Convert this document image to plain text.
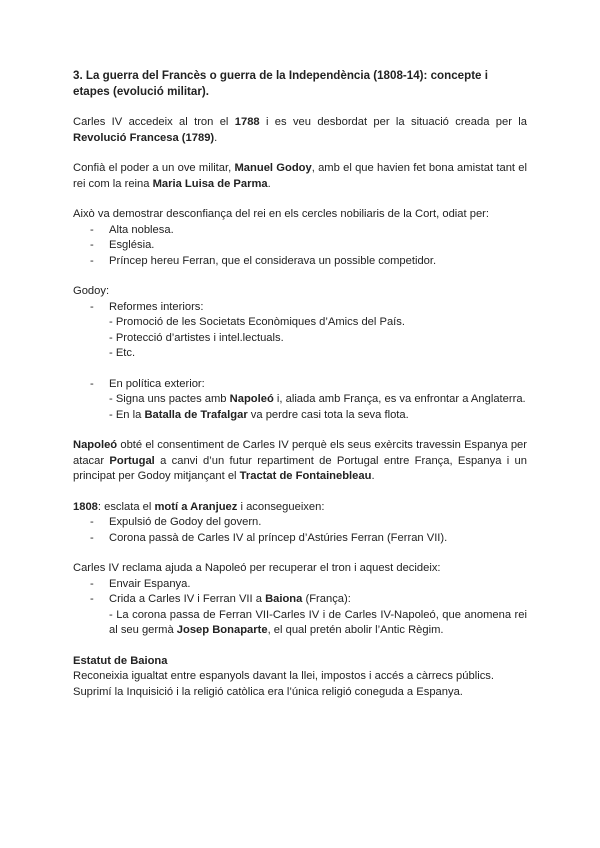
3. La guerra del Francès o guerra de la Independència (1808-14): concepte i etapes (evolució militar).

Carles IV accedeix al tron el 1788 i es veu desbordat per la situació creada per la Revolució Francesa (1789).

Confià el poder a un ove militar, Manuel Godoy, amb el que havien fet bona amistat tant el rei com la reina Maria Luisa de Parma.

Això va demostrar desconfiança del rei en els cercles nobiliaris de la Cort, odiat per:
- Alta noblesa.
- Església.
- Príncep hereu Ferran, que el considerava un possible competidor.
Godoy:
- Reformes interiors:
- Promoció de les Societats Econòmiques d’Amics del País.
- Protecció d’artistes i intel.lectuals.
- Etc.
- En política exterior:
- Signa uns pactes amb Napoleó i, aliada amb França, es va enfrontar a Anglaterra.
- En la Batalla de Trafalgar va perdre casi tota la seva flota.

Napoleó obté el consentiment de Carles IV perquè els seus exèrcits travessin Espanya per atacar Portugal a canvi d’un futur repartiment de Portugal entre França, Espanya i un principat per Godoy mitjançant el Tractat de Fontainebleau.

1808: esclata el motí a Aranjuez i aconsegueixen:
- Expulsió de Godoy del govern.
- Corona passà de Carles IV al príncep d’Astúries Ferran (Ferran VII).
Carles IV reclama ajuda a Napoleó per recuperar el tron i aquest decideix:
- Envair Espanya.
- Crida a Carles IV i Ferran VII a Baiona (França):
- La corona passa de Ferran VII-Carles IV i de Carles IV-Napoleó, que anomena rei al seu germà Josep Bonaparte, el qual pretén abolir l’Antic Règim.
Estatut de Baiona
Reconeixia igualtat entre espanyols davant la llei, impostos i accés a càrrecs públics.
Suprimí la Inquisició i la religió catòlica era l’única religió coneguda a Espanya.
